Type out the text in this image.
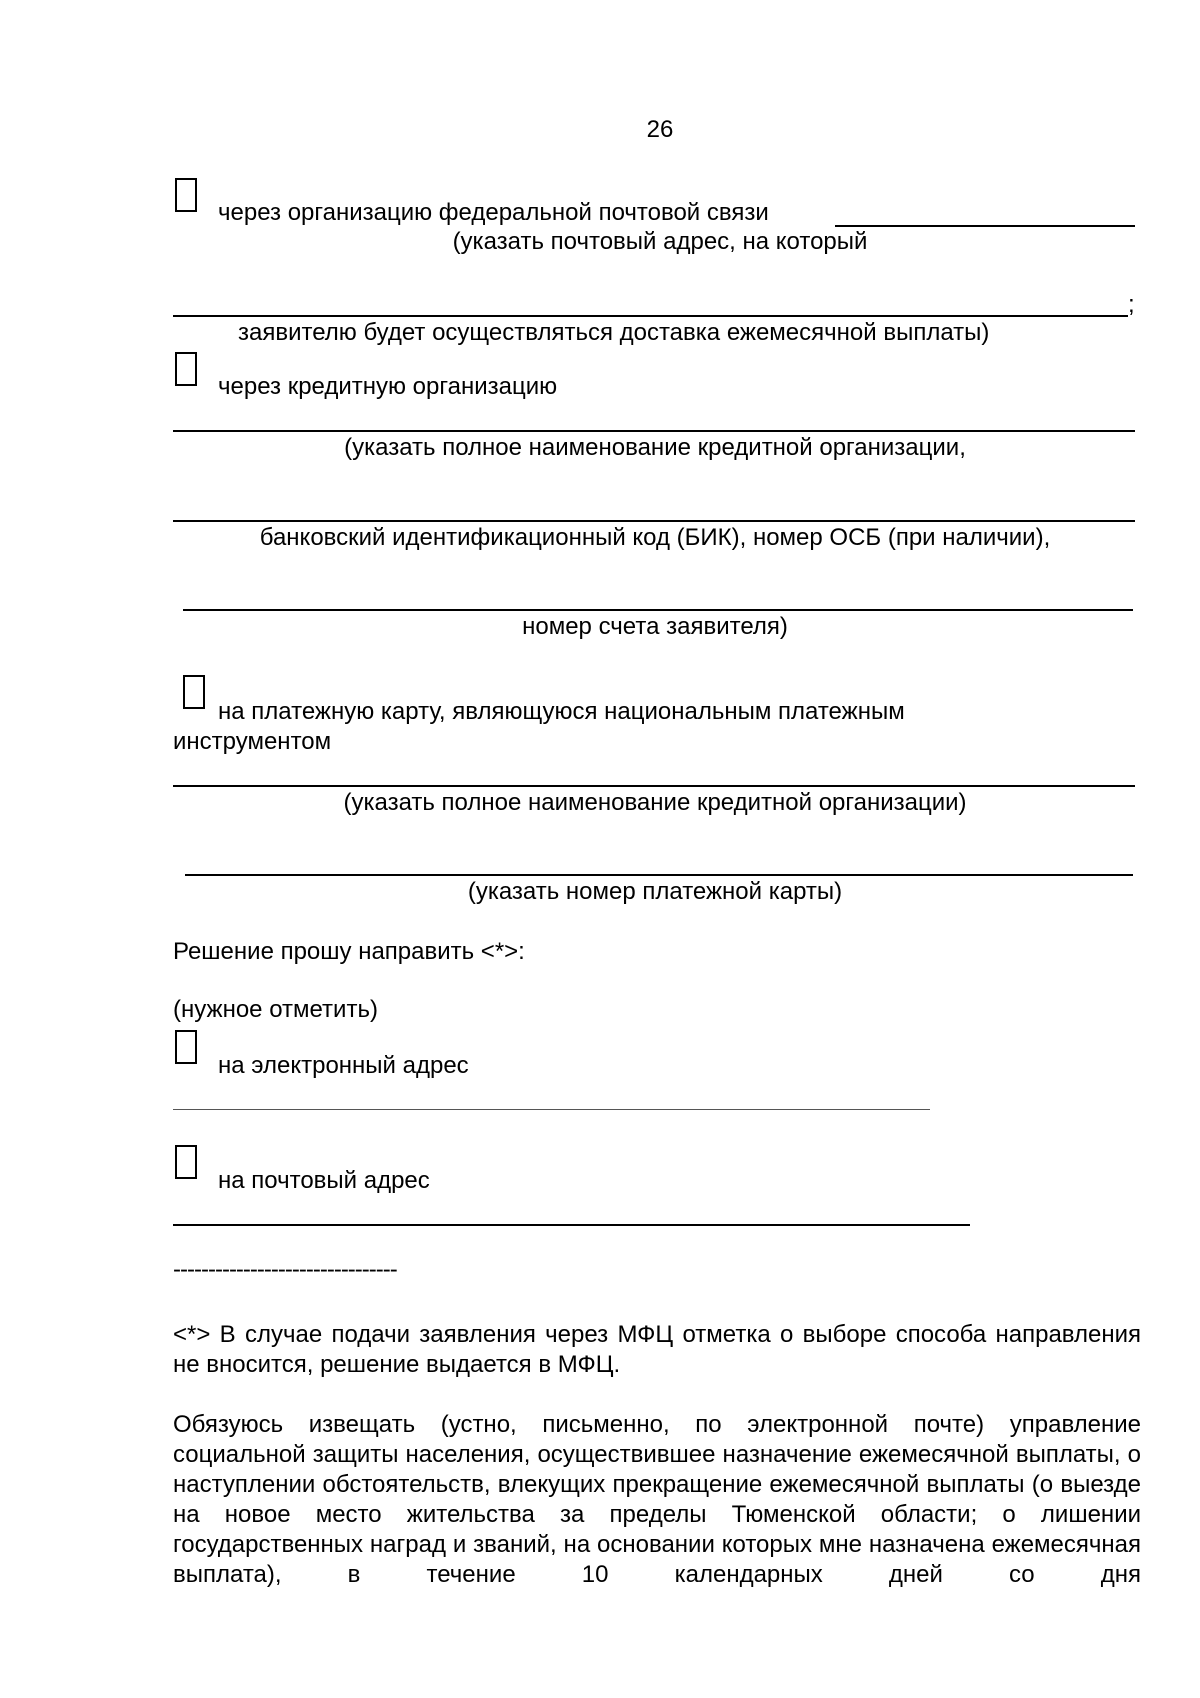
26
через организацию федеральной почтовой связи
(указать почтовый адрес, на который
;
заявителю будет осуществляться доставка ежемесячной выплаты)
через кредитную организацию
(указать полное наименование кредитной организации,
банковский идентификационный код (БИК), номер ОСБ (при наличии),
номер счета заявителя)
на платежную карту, являющуюся национальным платежным
инструментом
(указать полное наименование кредитной организации)
(указать номер платежной карты)
Решение прошу направить <*>:
(нужное отметить)
на электронный адрес
на почтовый адрес
--------------------------------
<*> В случае подачи заявления через МФЦ отметка о выборе способа направления не вносится, решение выдается в МФЦ.
Обязуюсь извещать (устно, письменно, по электронной почте) управление социальной защиты населения, осуществившее назначение ежемесячной выплаты, о наступлении обстоятельств, влекущих прекращение ежемесячной выплаты (о выезде на новое место жительства за пределы Тюменской области; о лишении государственных наград и званий, на основании которых мне назначена ежемесячная выплата), в течение 10 календарных дней со дня
